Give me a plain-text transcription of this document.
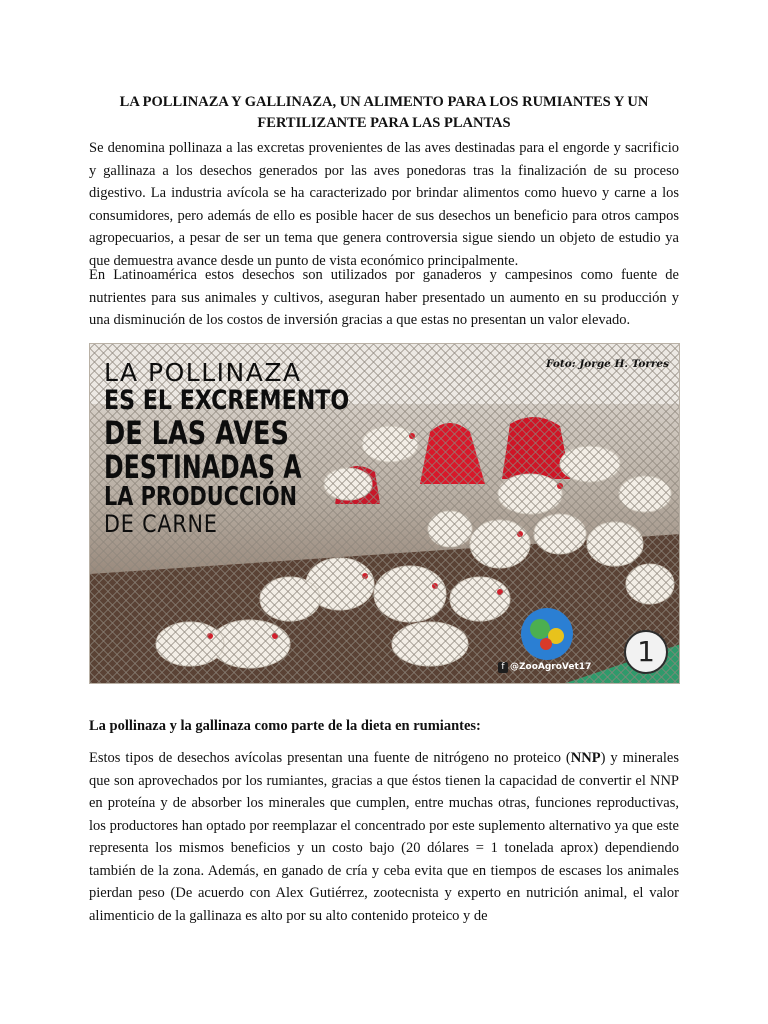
LA POLLINAZA Y GALLINAZA, UN ALIMENTO PARA LOS RUMIANTES Y UN
FERTILIZANTE PARA LAS PLANTAS

Se denomina pollinaza a las excretas provenientes de las aves destinadas para el engorde y sacrificio y gallinaza a los desechos generados por las aves ponedoras tras la finalización de su proceso digestivo. La industria avícola se ha caracterizado por brindar alimentos como huevo y carne a los consumidores, pero además de ello es posible hacer de sus desechos un beneficio para otros campos agropecuarios, a pesar de ser un tema que genera controversia sigue siendo un objeto de estudio ya que demuestra avance desde un punto de vista económico principalmente.

En Latinoamérica estos desechos son utilizados por ganaderos y campesinos como fuente de nutrientes para sus animales y cultivos, aseguran haber presentado un aumento en su producción y una disminución de los costos de inversión gracias a que estas no presentan un valor elevado.

LA POLLINAZA
ES EL EXCREMENTO
DE LAS AVES
DESTINADAS A
LA PRODUCCIÓN
DE CARNE
Foto: Jorge H. Torres
f @ZooAgroVet17	1

La pollinaza y la gallinaza como parte de la dieta en rumiantes:

Estos tipos de desechos avícolas presentan una fuente de nitrógeno no proteico (NNP) y minerales que son aprovechados por los rumiantes, gracias a que éstos tienen la capacidad de convertir el NNP en proteína y de absorber los minerales que cumplen, entre muchas otras, funciones reproductivas, los productores han optado por reemplazar el concentrado por este suplemento alternativo ya que este representa los mismos beneficios y un costo bajo (20 dólares = 1 tonelada aprox) dependiendo también de la zona. Además, en ganado de cría y ceba evita que en tiempos de escases los animales pierdan peso (De acuerdo con Alex Gutiérrez, zootecnista y experto en nutrición animal, el valor alimenticio de la gallinaza es alto por su alto contenido proteico y de
